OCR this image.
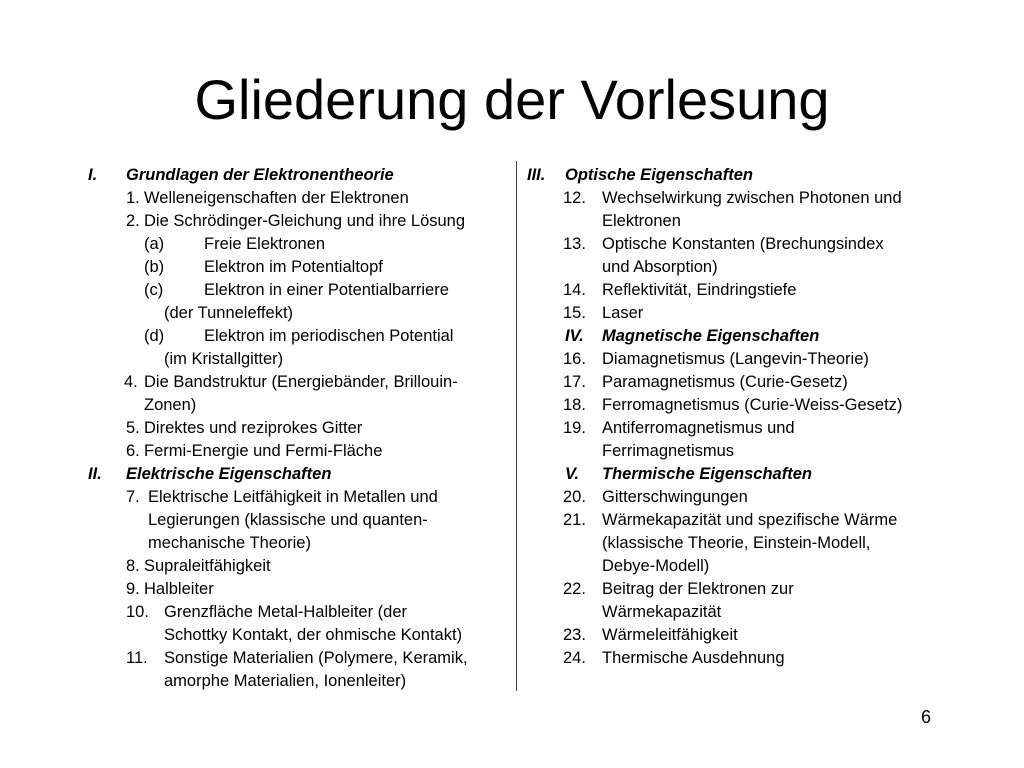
Gliederung der Vorlesung
I. Grundlagen der Elektronentheorie
1. Welleneigenschaften der Elektronen
2. Die Schrödinger-Gleichung und ihre Lösung
(a) Freie Elektronen
(b) Elektron im Potentialtopf
(c) Elektron in einer Potentialbarriere
(der Tunneleffekt)
(d) Elektron im periodischen Potential
(im Kristallgitter)
4. Die Bandstruktur (Energiebänder, Brillouin-
Zonen)
5. Direktes und reziprokes Gitter
6. Fermi-Energie und Fermi-Fläche
II. Elektrische Eigenschaften
7. Elektrische Leitfähigkeit in Metallen und
Legierungen (klassische und quanten-
mechanische Theorie)
8. Supraleitfähigkeit
9. Halbleiter
10. Grenzfläche Metal-Halbleiter (der
Schottky Kontakt, der ohmische Kontakt)
11. Sonstige Materialien (Polymere, Keramik,
amorphe Materialien, Ionenleiter)
III. Optische Eigenschaften
12. Wechselwirkung zwischen Photonen und
Elektronen
13. Optische Konstanten (Brechungsindex
und Absorption)
14. Reflektivität, Eindringstiefe
15. Laser
IV. Magnetische Eigenschaften
16. Diamagnetismus (Langevin-Theorie)
17. Paramagnetismus (Curie-Gesetz)
18. Ferromagnetismus (Curie-Weiss-Gesetz)
19. Antiferromagnetismus und
Ferrimagnetismus
V. Thermische Eigenschaften
20. Gitterschwingungen
21. Wärmekapazität und spezifische Wärme
(klassische Theorie, Einstein-Modell,
Debye-Modell)
22. Beitrag der Elektronen zur
Wärmekapazität
23. Wärmeleitfähigkeit
24. Thermische Ausdehnung
6
